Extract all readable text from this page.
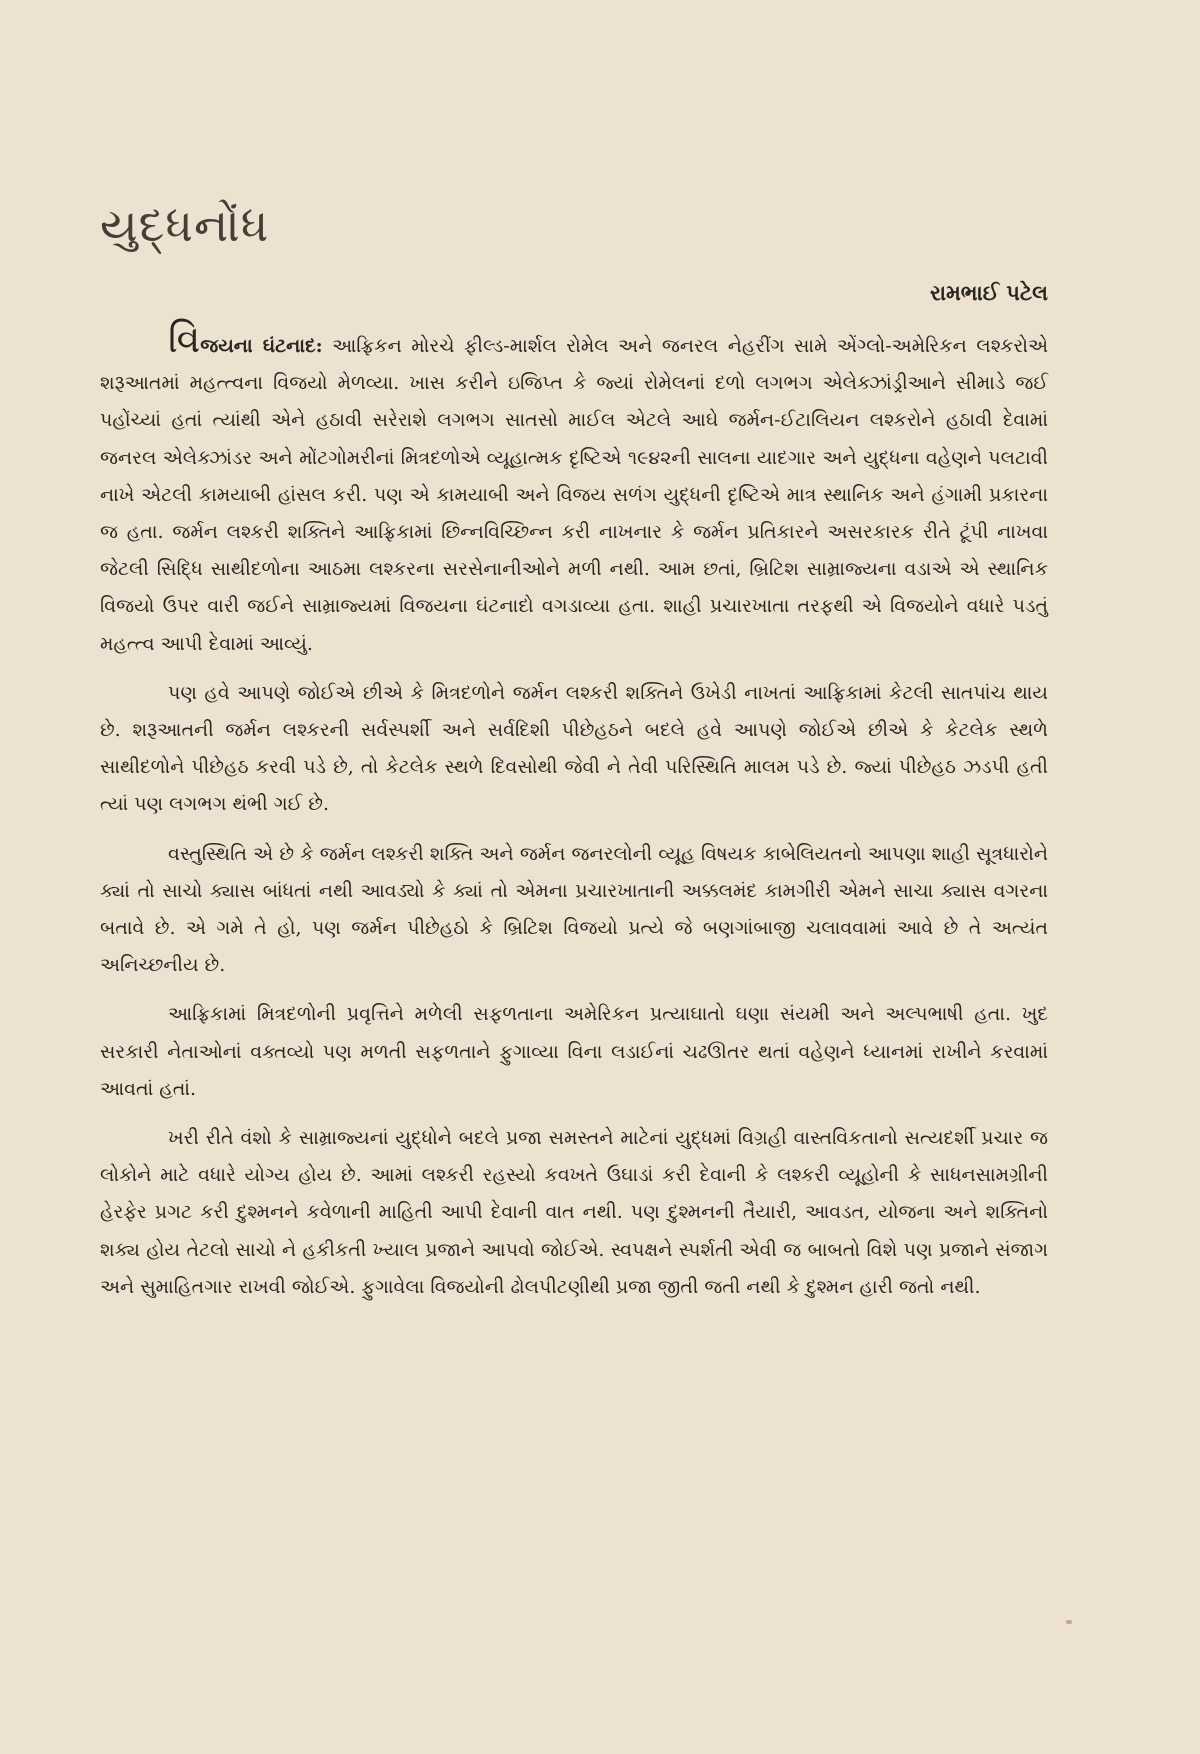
યુદ્ધનોંધ
રામભાઈ પટેલ

વિજયના ઘંટનાદ: આફ્રિકન મોરચે ફીલ્ડ-માર્શલ રોમેલ અને જનરલ નેહરીંગ સામે એંગ્લો-અમેરિકન લશ્કરોએ શરૂઆતમાં મહત્ત્વના વિજયો મેળવ્યા. ખાસ કરીને ઇજિપ્ત કે જ્યાં રોમેલનાં દળો લગભગ એલેક્ઝાંડ્રીઆને સીમાડે જઈ પહોંચ્યાં હતાં ત્યાંથી એને હઠાવી સરેરાશે લગભગ સાતસો માઈલ એટલે આઘે જર્મન-ઈટાલિયન લશ્કરોને હઠાવી દેવામાં જનરલ એલેક્ઝાંડર અને મોંટગોમરીનાં મિત્રદળોએ વ્યૂહાત્મક દૃષ્ટિએ ૧૯૪૨ની સાલના યાદગાર અને યુદ્ધના વહેણને પલટાવી નાખે એટલી કામયાબી હાંસલ કરી. પણ એ કામયાબી અને વિજય સળંગ યુદ્ધની દૃષ્ટિએ માત્ર સ્થાનિક અને હંગામી પ્રકારના જ હતા. જર્મન લશ્કરી શક્તિને આફ્રિકામાં છિન્નવિચ્છિન્ન કરી નાખનાર કે જર્મન પ્રતિકારને અસરકારક રીતે ટૂંપી નાખવા જેટલી સિદ્ધિ સાથીદળોના આઠમા લશ્કરના સરસેનાનીઓને મળી નથી. આમ છતાં, બ્રિટિશ સામ્રાજ્યના વડાએ એ સ્થાનિક વિજયો ઉપર વારી જઈને સામ્રાજ્યમાં વિજયના ઘંટનાદો વગડાવ્યા હતા. શાહી પ્રચારખાતા તરફથી એ વિજયોને વધારે પડતું મહત્ત્વ આપી દેવામાં આવ્યું.

પણ હવે આપણે જોઈએ છીએ કે મિત્રદળોને જર્મન લશ્કરી શક્તિને ઉખેડી નાખતાં આફ્રિકામાં કેટલી સાતપાંચ થાય છે. શરૂઆતની જર્મન લશ્કરની સર્વસ્પર્શી અને સર્વદિશી પીછેહઠને બદલે હવે આપણે જોઈએ છીએ કે કેટલેક સ્થળે સાથીદળોને પીછેહઠ કરવી પડે છે, તો કેટલેક સ્થળે દિવસોથી જેવી ને તેવી પરિસ્થિતિ માલમ પડે છે. જ્યાં પીછેહઠ ઝડપી હતી ત્યાં પણ લગભગ થંભી ગઈ છે.

વસ્તુસ્થિતિ એ છે કે જર્મન લશ્કરી શક્તિ અને જર્મન જનરલોની વ્યૂહ વિષયક કાબેલિયતનો આપણા શાહી સૂત્રધારોને ક્યાં તો સાચો ક્યાસ બાંધતાં નથી આવડ્યો કે ક્યાં તો એમના પ્રચારખાતાની અક્કલમંદ કામગીરી એમને સાચા ક્યાસ વગરના બતાવે છે. એ ગમે તે હો, પણ જર્મન પીછેહઠો કે બ્રિટિશ વિજયો પ્રત્યે જે બણગાંબાજી ચલાવવામાં આવે છે તે અત્યંત અનિચ્છનીય છે.

આફ્રિકામાં મિત્રદળોની પ્રવૃત્તિને મળેલી સફળતાના અમેરિકન પ્રત્યાઘાતો ઘણા સંયમી અને અલ્પભાષી હતા. ખુદ સરકારી નેતાઓનાં વક્તવ્યો પણ મળતી સફળતાને ફુગાવ્યા વિના લડાઈનાં ચઢઊતર થતાં વહેણને ધ્યાનમાં રાખીને કરવામાં આવતાં હતાં.

ખરી રીતે વંશો કે સામ્રાજ્યનાં યુદ્ધોને બદલે પ્રજા સમસ્તને માટેનાં યુદ્ધમાં વિગ્રહી વાસ્તવિકતાનો સત્યદર્શી પ્રચાર જ લોકોને માટે વધારે યોગ્ય હોય છે. આમાં લશ્કરી રહસ્યો કવખતે ઉઘાડાં કરી દેવાની કે લશ્કરી વ્યૂહોની કે સાધનસામગ્રીની હેરફેર પ્રગટ કરી દુશ્મનને કવેળાની માહિતી આપી દેવાની વાત નથી. પણ દુશ્મનની તૈયારી, આવડત, યોજના અને શક્તિનો શક્ય હોય તેટલો સાચો ને હકીકતી ખ્યાલ પ્રજાને આપવો જોઈએ. સ્વપક્ષને સ્પર્શતી એવી જ બાબતો વિશે પણ પ્રજાને સંજાગ અને સુમાહિતગાર રાખવી જોઈએ. ફુગાવેલા વિજયોની ઢોલપીટણીથી પ્રજા જીતી જતી નથી કે દુશ્મન હારી જતો નથી.
